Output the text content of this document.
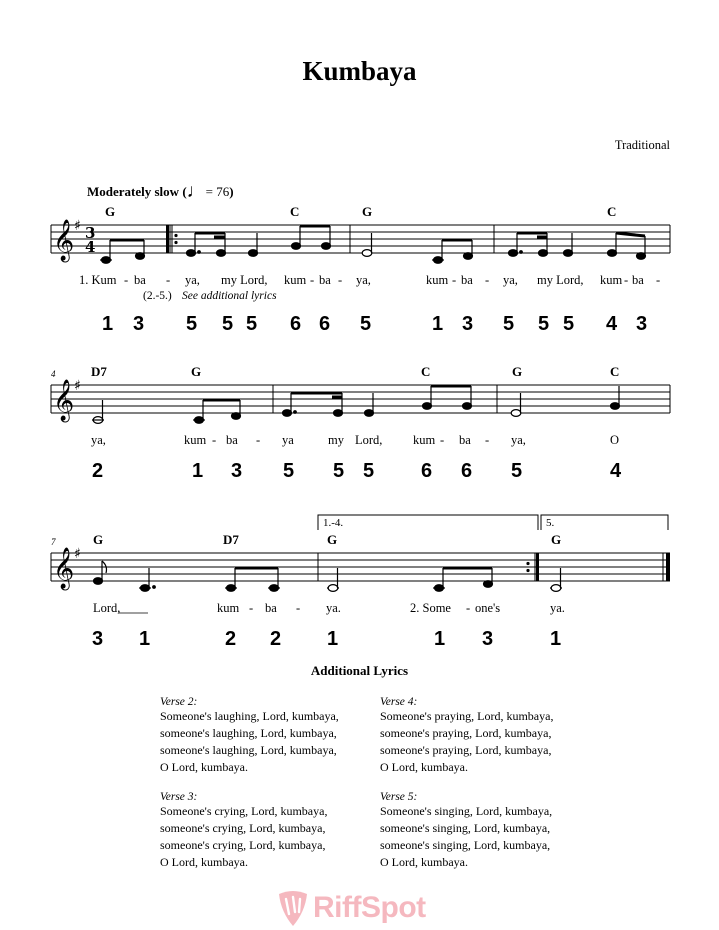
Kumbaya
Traditional
Moderately slow (♩= 76)
𝄞
𝄞
𝄞
♯
♯
♯
3
4
G	C	G	C
1. Kum - ba - ya, my Lord, kum - ba - ya,	kum - ba - ya, my Lord, kum - ba -
(2.-5.) See additional lyrics
1 3 5 5 5 6 6 5	1 3 5 5 5 4 3
4	D7	G	C	G	C
ya,	kum - ba - ya	my Lord, kum - ba - ya,	O
2	1 3 5 5 5 6 6 5	4
7
1.-4.	5.
G	D7	G	G
Lord,	kum - ba - ya.	2. Some - one's	ya.
3 1	2 2 1	1 3	1
Additional Lyrics
Verse 2:
Someone's laughing, Lord, kumbaya,
someone's laughing, Lord, kumbaya,
someone's laughing, Lord, kumbaya,
O Lord, kumbaya.
Verse 3:
Someone's crying, Lord, kumbaya,
someone's crying, Lord, kumbaya,
someone's crying, Lord, kumbaya,
O Lord, kumbaya.
Verse 4:
Someone's praying, Lord, kumbaya,
someone's praying, Lord, kumbaya,
someone's praying, Lord, kumbaya,
O Lord, kumbaya.
Verse 5:
Someone's singing, Lord, kumbaya,
someone's singing, Lord, kumbaya,
someone's singing, Lord, kumbaya,
O Lord, kumbaya.
RiffSpot
